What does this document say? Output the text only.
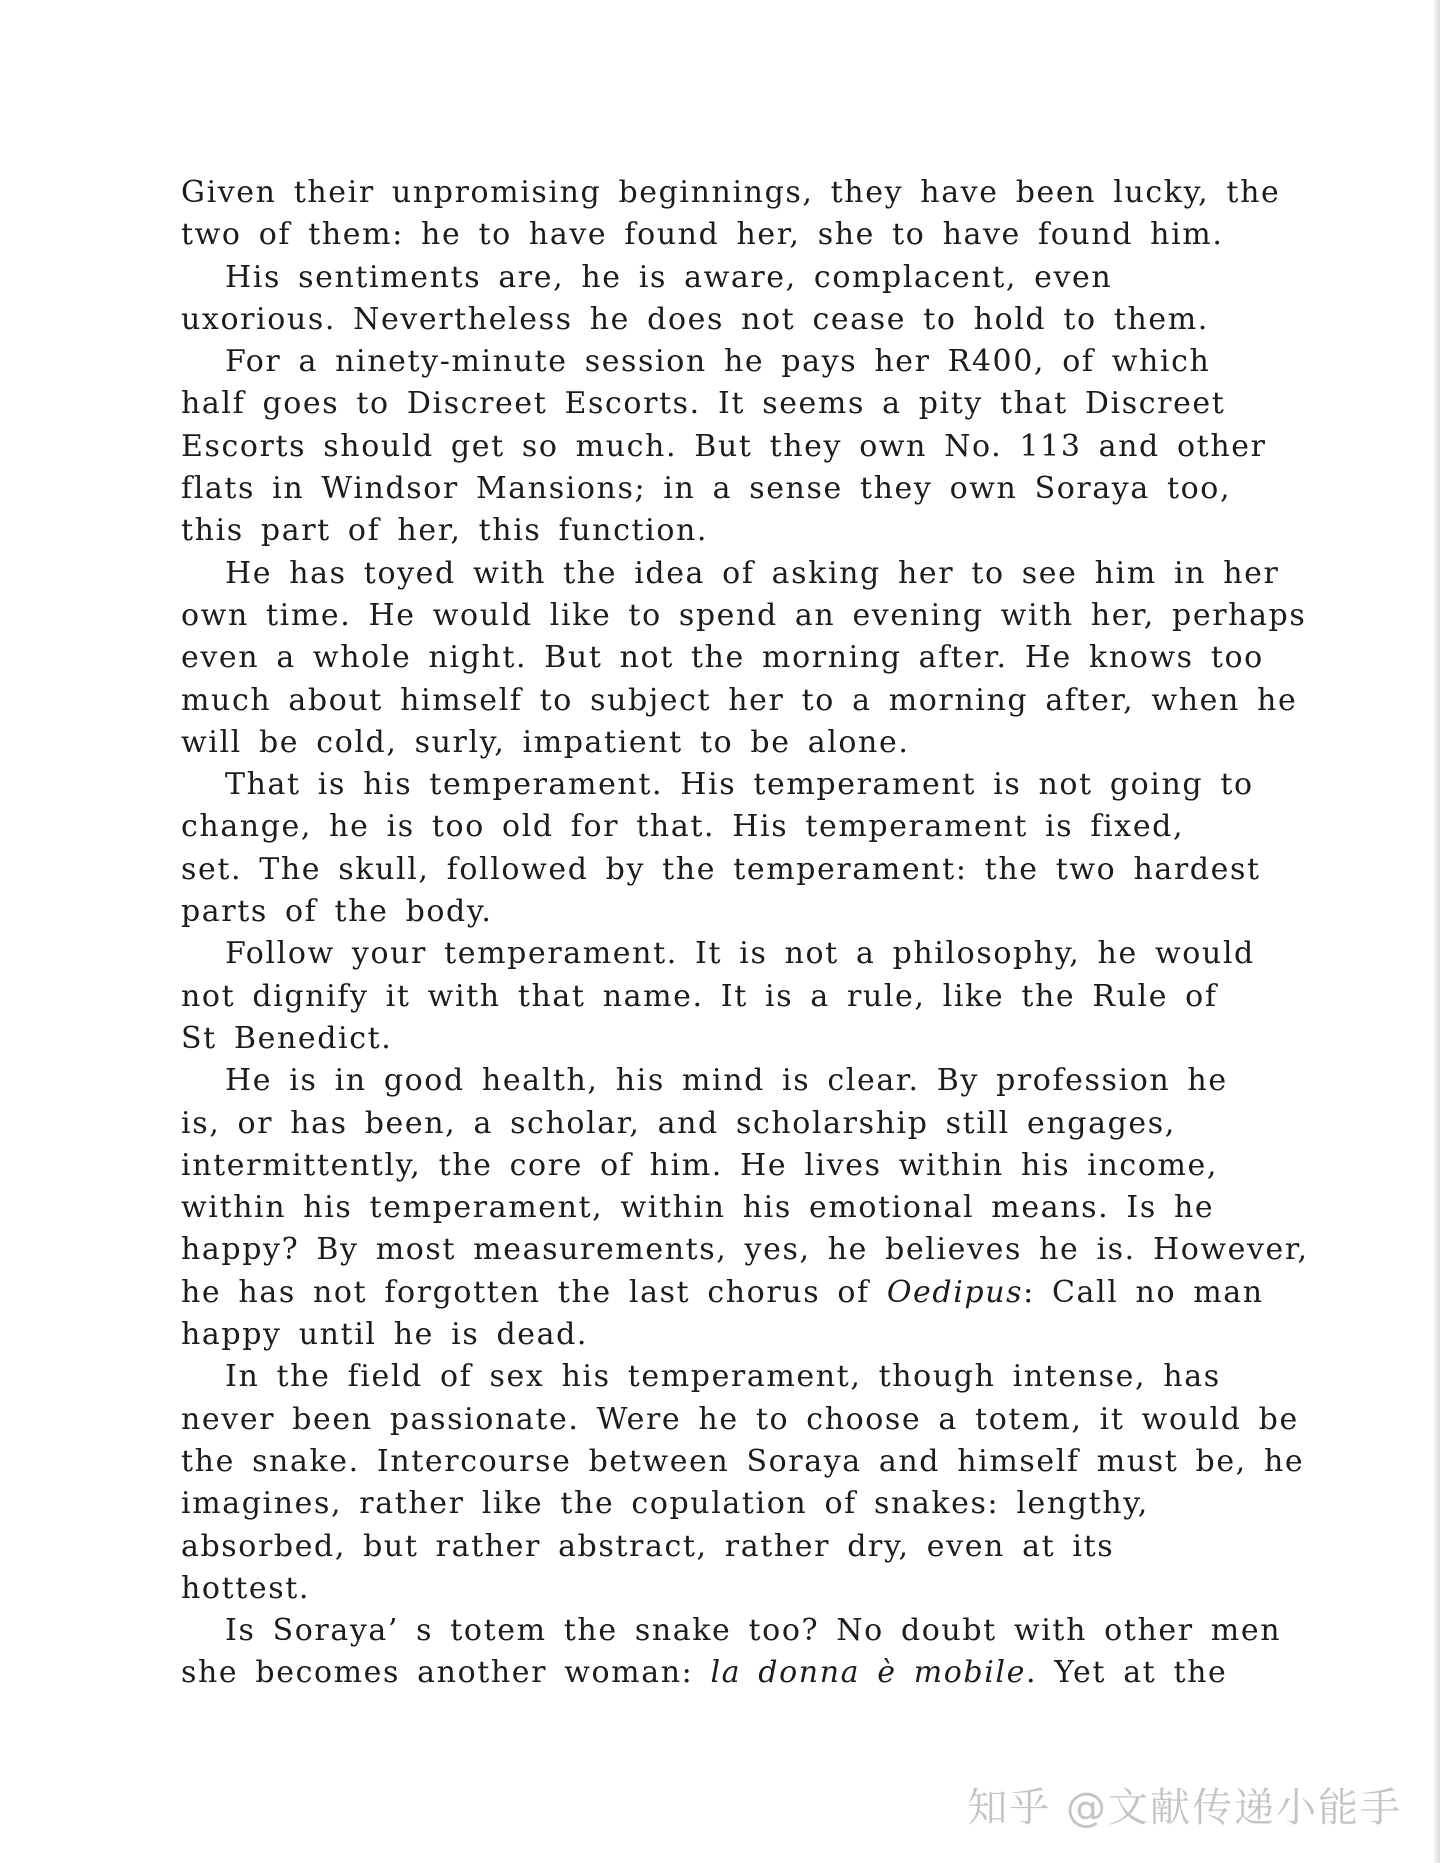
Given their unpromising beginnings, they have been lucky, the
two of them: he to have found her, she to have found him.
His sentiments are, he is aware, complacent, even
uxorious. Nevertheless he does not cease to hold to them.
For a ninety-minute session he pays her R400, of which
half goes to Discreet Escorts. It seems a pity that Discreet
Escorts should get so much. But they own No. 113 and other
flats in Windsor Mansions; in a sense they own Soraya too,
this part of her, this function.
He has toyed with the idea of asking her to see him in her
own time. He would like to spend an evening with her, perhaps
even a whole night. But not the morning after. He knows too
much about himself to subject her to a morning after, when he
will be cold, surly, impatient to be alone.
That is his temperament. His temperament is not going to
change, he is too old for that. His temperament is fixed,
set. The skull, followed by the temperament: the two hardest
parts of the body.
Follow your temperament. It is not a philosophy, he would
not dignify it with that name. It is a rule, like the Rule of
St Benedict.
He is in good health, his mind is clear. By profession he
is, or has been, a scholar, and scholarship still engages,
intermittently, the core of him. He lives within his income,
within his temperament, within his emotional means. Is he
happy? By most measurements, yes, he believes he is. However,
he has not forgotten the last chorus of Oedipus: Call no man
happy until he is dead.
In the field of sex his temperament, though intense, has
never been passionate. Were he to choose a totem, it would be
the snake. Intercourse between Soraya and himself must be, he
imagines, rather like the copulation of snakes: lengthy,
absorbed, but rather abstract, rather dry, even at its
hottest.
Is Soraya’ s totem the snake too? No doubt with other men
she becomes another woman: la donna è mobile. Yet at the
知乎 @文献传递小能手
